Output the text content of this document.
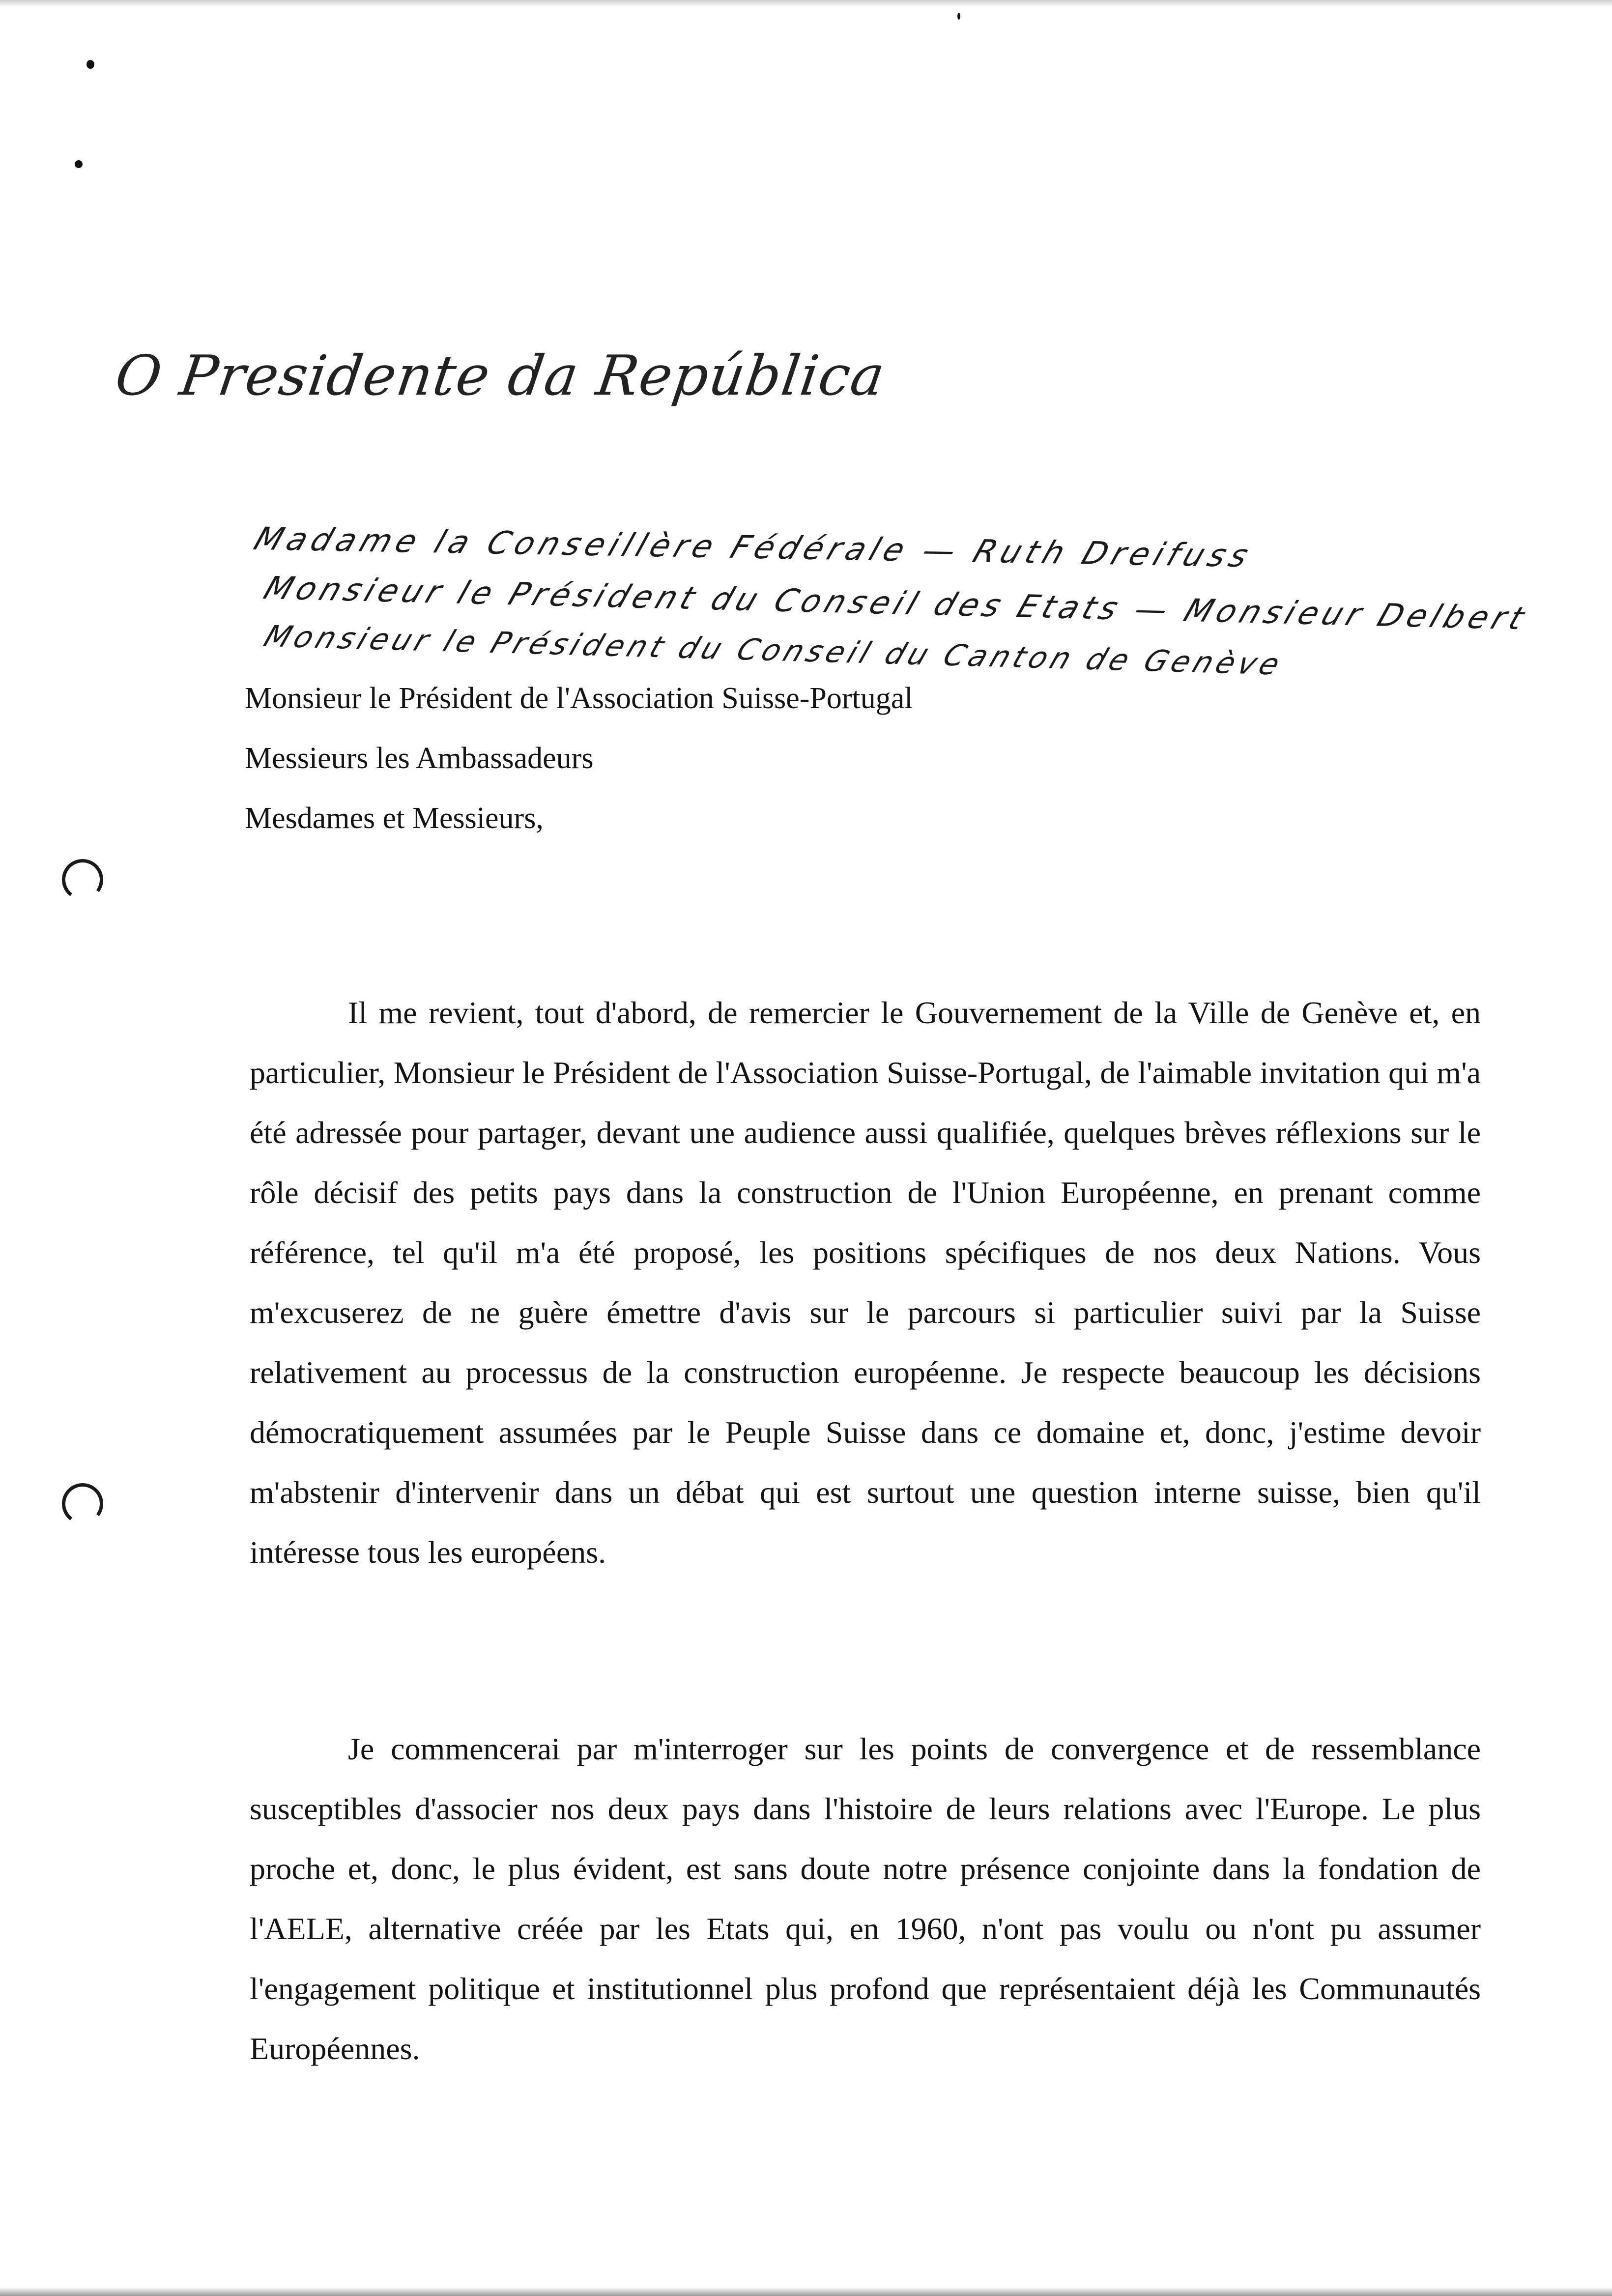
O Presidente da República
Madame la Conseillère Fédérale — Ruth Dreifuss
Monsieur le Président du Conseil des Etats — Monsieur Delbert
Monsieur le Président du Conseil du Canton de Genève
Monsieur le Président de l'Association Suisse-Portugal
Messieurs les Ambassadeurs
Mesdames et Messieurs,

Il me revient, tout d'abord, de remercier le Gouvernement de la Ville de Genève et, en particulier, Monsieur le Président de l'Association Suisse-Portugal, de l'aimable invitation qui m'a été adressée pour partager, devant une audience aussi qualifiée, quelques brèves réflexions sur le rôle décisif des petits pays dans la construction de l'Union Européenne, en prenant comme référence, tel qu'il m'a été proposé, les positions spécifiques de nos deux Nations. Vous m'excuserez de ne guère émettre d'avis sur le parcours si particulier suivi par la Suisse relativement au processus de la construction européenne. Je respecte beaucoup les décisions démocratiquement assumées par le Peuple Suisse dans ce domaine et, donc, j'estime devoir m'abstenir d'intervenir dans un débat qui est surtout une question interne suisse, bien qu'il intéresse tous les européens.

Je commencerai par m'interroger sur les points de convergence et de ressemblance susceptibles d'associer nos deux pays dans l'histoire de leurs relations avec l'Europe. Le plus proche et, donc, le plus évident, est sans doute notre présence conjointe dans la fondation de l'AELE, alternative créée par les Etats qui, en 1960, n'ont pas voulu ou n'ont pu assumer l'engagement politique et institutionnel plus profond que représentaient déjà les Communautés Européennes.
